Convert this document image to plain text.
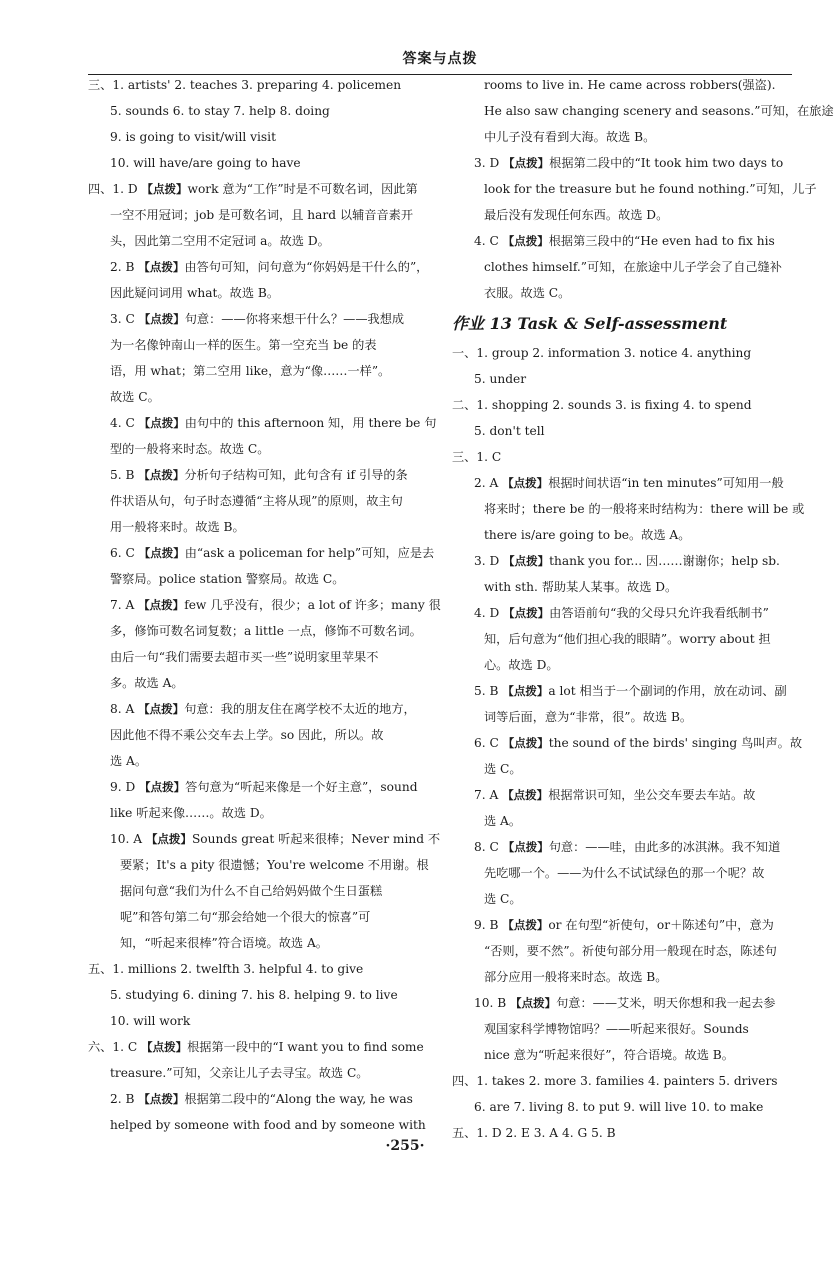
答案与点拨
三、1. artists' 2. teaches 3. preparing 4. policemen
5. sounds 6. to stay 7. help 8. doing
9. is going to visit/will visit
10. will have/are going to have
四、1. D 【点拨】work 意为“工作”时是不可数名词，因此第
一空不用冠词；job 是可数名词，且 hard 以辅音音素开
头，因此第二空用不定冠词 a。故选 D。
2. B 【点拨】由答句可知，问句意为“你妈妈是干什么的”，
因此疑问词用 what。故选 B。
3. C 【点拨】句意：——你将来想干什么？——我想成
为一名像钟南山一样的医生。第一空充当 be 的表
语，用 what；第二空用 like，意为“像……一样”。
故选 C。
4. C 【点拨】由句中的 this afternoon 知，用 there be 句
型的一般将来时态。故选 C。
5. B 【点拨】分析句子结构可知，此句含有 if 引导的条
件状语从句，句子时态遵循“主将从现”的原则，故主句
用一般将来时。故选 B。
6. C 【点拨】由“ask a policeman for help”可知，应是去
警察局。police station 警察局。故选 C。
7. A 【点拨】few 几乎没有，很少；a lot of 许多；many 很
多，修饰可数名词复数；a little 一点，修饰不可数名词。
由后一句“我们需要去超市买一些”说明家里苹果不
多。故选 A。
8. A 【点拨】句意：我的朋友住在离学校不太近的地方，
因此他不得不乘公交车去上学。so 因此，所以。故
选 A。
9. D 【点拨】答句意为“听起来像是一个好主意”，sound
like 听起来像……。故选 D。
10. A 【点拨】Sounds great 听起来很棒；Never mind 不
要紧；It's a pity 很遗憾；You're welcome 不用谢。根
据问句意“我们为什么不自己给妈妈做个生日蛋糕
呢”和答句第二句“那会给她一个很大的惊喜”可
知，“听起来很棒”符合语境。故选 A。
五、1. millions 2. twelfth 3. helpful 4. to give
5. studying 6. dining 7. his 8. helping 9. to live
10. will work
六、1. C 【点拨】根据第一段中的“I want you to find some
treasure.”可知，父亲让儿子去寻宝。故选 C。
2. B 【点拨】根据第二段中的“Along the way, he was
helped by someone with food and by someone with
rooms to live in. He came across robbers(强盗).
He also saw changing scenery and seasons.”可知，在旅途
中儿子没有看到大海。故选 B。
3. D 【点拨】根据第二段中的“It took him two days to
look for the treasure but he found nothing.”可知，儿子
最后没有发现任何东西。故选 D。
4. C 【点拨】根据第三段中的“He even had to fix his
clothes himself.”可知，在旅途中儿子学会了自己缝补
衣服。故选 C。
作业 13 Task & Self-assessment
一、1. group 2. information 3. notice 4. anything
5. under
二、1. shopping 2. sounds 3. is fixing 4. to spend
5. don't tell
三、1. C
2. A 【点拨】根据时间状语“in ten minutes”可知用一般
将来时；there be 的一般将来时结构为：there will be 或
there is/are going to be。故选 A。
3. D 【点拨】thank you for... 因……谢谢你；help sb.
with sth. 帮助某人某事。故选 D。
4. D 【点拨】由答语前句“我的父母只允许我看纸制书”
知，后句意为“他们担心我的眼睛”。worry about 担
心。故选 D。
5. B 【点拨】a lot 相当于一个副词的作用，放在动词、副
词等后面，意为“非常，很”。故选 B。
6. C 【点拨】the sound of the birds' singing 鸟叫声。故
选 C。
7. A 【点拨】根据常识可知，坐公交车要去车站。故
选 A。
8. C 【点拨】句意：——哇，由此多的冰淇淋。我不知道
先吃哪一个。——为什么不试试绿色的那一个呢？故
选 C。
9. B 【点拨】or 在句型“祈使句，or＋陈述句”中，意为
“否则，要不然”。祈使句部分用一般现在时态，陈述句
部分应用一般将来时态。故选 B。
10. B 【点拨】句意：——艾米，明天你想和我一起去参
观国家科学博物馆吗？——听起来很好。Sounds
nice 意为“听起来很好”，符合语境。故选 B。
四、1. takes 2. more 3. families 4. painters 5. drivers
6. are 7. living 8. to put 9. will live 10. to make
五、1. D 2. E 3. A 4. G 5. B
·255·
